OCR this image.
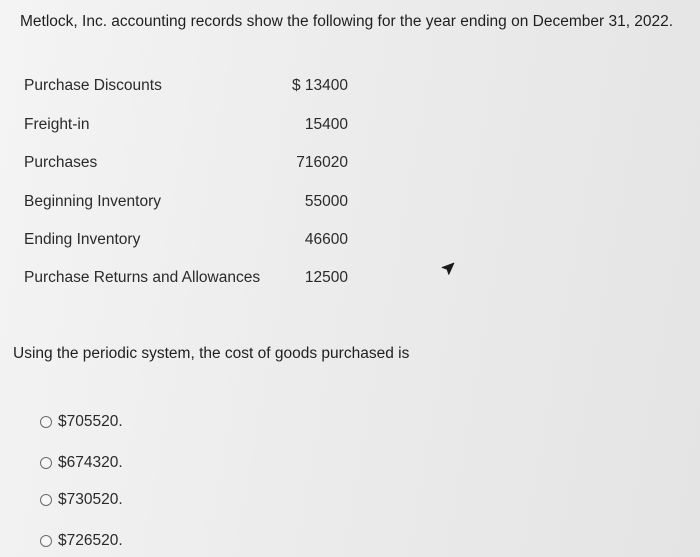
Metlock, Inc. accounting records show the following for the year ending on December 31, 2022.
Purchase Discounts	$ 13400
Freight-in	15400
Purchases	716020
Beginning Inventory	55000
Ending Inventory	46600
Purchase Returns and Allowances	12500
Using the periodic system, the cost of goods purchased is
$705520.
$674320.
$730520.
$726520.
